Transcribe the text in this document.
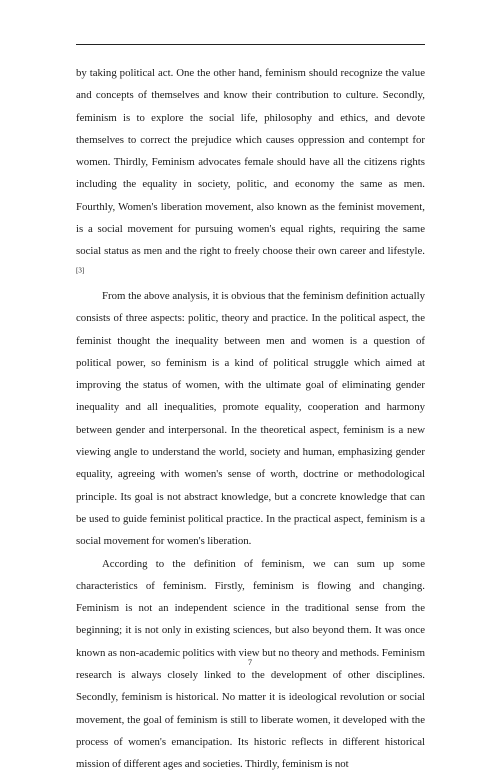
by taking political act. One the other hand, feminism should recognize the value and concepts of themselves and know their contribution to culture. Secondly, feminism is to explore the social life, philosophy and ethics, and devote themselves to correct the prejudice which causes oppression and contempt for women. Thirdly, Feminism advocates female should have all the citizens rights including the equality in society, politic, and economy the same as men. Fourthly, Women's liberation movement, also known as the feminist movement, is a social movement for pursuing women's equal rights, requiring the same social status as men and the right to freely choose their own career and lifestyle. [3]

From the above analysis, it is obvious that the feminism definition actually consists of three aspects: politic, theory and practice. In the political aspect, the feminist thought the inequality between men and women is a question of political power, so feminism is a kind of political struggle which aimed at improving the status of women, with the ultimate goal of eliminating gender inequality and all inequalities, promote equality, cooperation and harmony between gender and interpersonal. In the theoretical aspect, feminism is a new viewing angle to understand the world, society and human, emphasizing gender equality, agreeing with women's sense of worth, doctrine or methodological principle. Its goal is not abstract knowledge, but a concrete knowledge that can be used to guide feminist political practice. In the practical aspect, feminism is a social movement for women's liberation.

According to the definition of feminism, we can sum up some characteristics of feminism. Firstly, feminism is flowing and changing. Feminism is not an independent science in the traditional sense from the beginning; it is not only in existing sciences, but also beyond them. It was once known as non-academic politics with view but no theory and methods. Feminism research is always closely linked to the development of other disciplines. Secondly, feminism is historical. No matter it is ideological revolution or social movement, the goal of feminism is still to liberate women, it developed with the process of women's emancipation. Its historic reflects in different historical mission of different ages and societies. Thirdly, feminism is not

7
